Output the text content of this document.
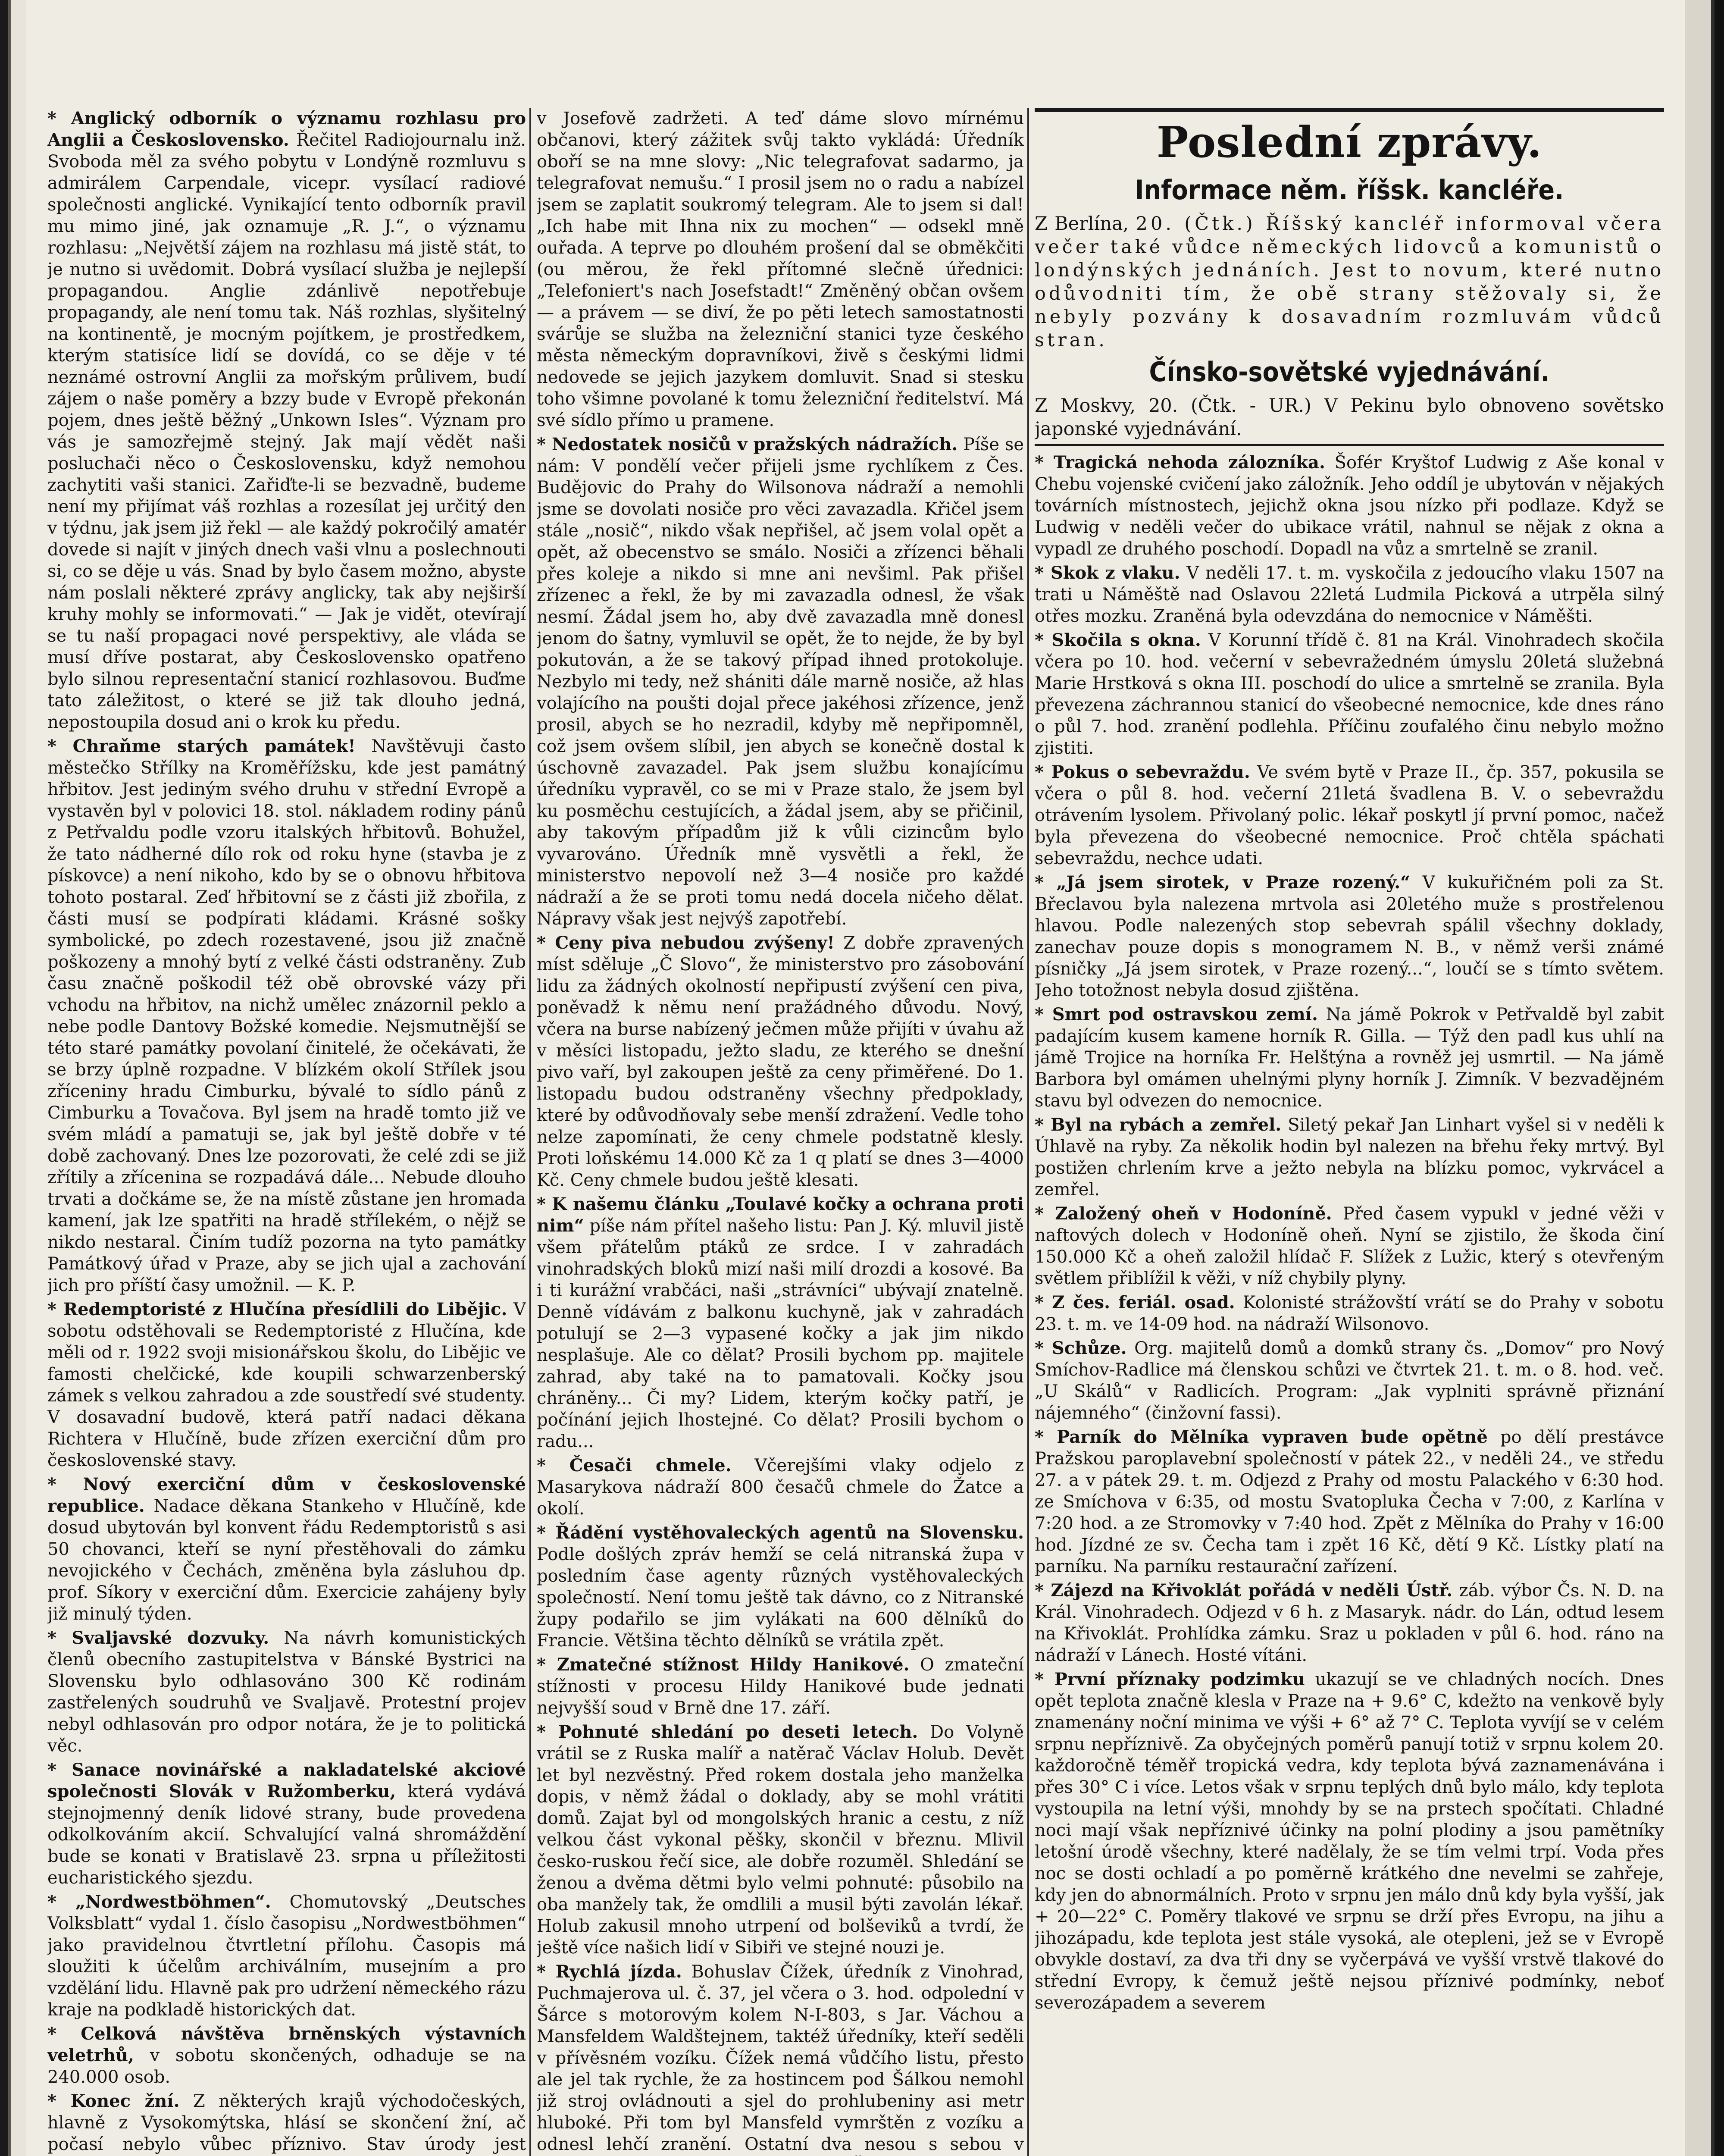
* Anglický odborník o významu rozhlasu pro Anglii a Československo. Řečitel Radiojournalu inž. Svoboda měl za svého pobytu v Londýně rozmluvu s admirálem Carpendale, vicepr. vysílací radiové společnosti anglické. Vynikající tento odborník pravil mu mimo jiné, jak oznamuje „R. J.“, o významu rozhlasu: „Největší zájem na rozhlasu má jistě stát, to je nutno si uvědomit. Dobrá vysílací služba je nejlepší propagandou. Anglie zdánlivě nepotřebuje propagandy, ale není tomu tak. Náš rozhlas, slyšitelný na kontinentě, je mocným pojítkem, je prostředkem, kterým statisíce lidí se dovídá, co se děje v té neznámé ostrovní Anglii za mořským průlivem, budí zájem o naše poměry a bzzy bude v Evropě překonán pojem, dnes ještě běžný „Unkown Isles“. Význam pro vás je samozřejmě stejný. Jak mají vědět naši posluchači něco o Československu, když nemohou zachytiti vaši stanici. Zařiďte-li se bezvadně, budeme není my přijímat váš rozhlas a rozesílat jej určitý den v týdnu, jak jsem již řekl — ale každý pokročilý amatér dovede si najít v jiných dnech vaši vlnu a poslechnouti si, co se děje u vás. Snad by bylo časem možno, abyste nám poslali některé zprávy anglicky, tak aby nejširší kruhy mohly se informovati.“ — Jak je vidět, otevírají se tu naší propagaci nové perspektivy, ale vláda se musí dříve postarat, aby Československo opatřeno bylo silnou representační stanicí rozhlasovou. Buďme tato záležitost, o které se již tak dlouho jedná, nepostoupila dosud ani o krok ku předu.

* Chraňme starých památek! Navštěvuji často městečko Střílky na Kroměřížsku, kde jest památný hřbitov. Jest jediným svého druhu v střední Evropě a vystavěn byl v polovici 18. stol. nákladem rodiny pánů z Petřvaldu podle vzoru italských hřbitovů. Bohužel, že tato nádherné dílo rok od roku hyne (stavba je z pískovce) a není nikoho, kdo by se o obnovu hřbitova tohoto postaral. Zeď hřbitovní se z části již zbořila, z části musí se podpírati kládami. Krásné sošky symbolické, po zdech rozestavené, jsou již značně poškozeny a mnohý bytí z velké části odstraněny. Zub času značně poškodil též obě obrovské vázy při vchodu na hřbitov, na nichž umělec znázornil peklo a nebe podle Dantovy Božské komedie. Nejsmutnější se této staré památky povolaní činitelé, že očekávati, že se brzy úplně rozpadne. V blízkém okolí Střílek jsou zříceniny hradu Cimburku, bývalé to sídlo pánů z Cimburku a Tovačova. Byl jsem na hradě tomto již ve svém mládí a pamatuji se, jak byl ještě dobře v té době zachovaný. Dnes lze pozorovati, že celé zdi se již zřítily a zřícenina se rozpadává dále... Nebude dlouho trvati a dočkáme se, že na místě zůstane jen hromada kamení, jak lze spatřiti na hradě střílekém, o nějž se nikdo nestaral. Činím tudíž pozorna na tyto památky Památkový úřad v Praze, aby se jich ujal a zachování jich pro příští časy umožnil. — K. P.

* Redemptoristé z Hlučína přesídlili do Libějic. V sobotu odstěhovali se Redemptoristé z Hlučína, kde měli od r. 1922 svoji misionářskou školu, do Libějic ve famosti chelčické, kde koupili schwarzenberský zámek s velkou zahradou a zde soustředí své studenty. V dosavadní budově, která patří nadaci děkana Richtera v Hlučíně, bude zřízen exerciční dům pro československé stavy.

* Nový exerciční dům v československé republice. Nadace děkana Stankeho v Hlučíně, kde dosud ubytován byl konvent řádu Redemptoristů s asi 50 chovanci, kteří se nyní přestěhovali do zámku nevojického v Čechách, změněna byla zásluhou dp. prof. Síkory v exerciční dům. Exercicie zahájeny byly již minulý týden.

* Svaljavské dozvuky. Na návrh komunistických členů obecního zastupitelstva v Bánské Bystrici na Slovensku bylo odhlasováno 300 Kč rodinám zastřelených soudruhů ve Svaljavě. Protestní projev nebyl odhlasován pro odpor notára, že je to politická věc.

* Sanace novinářské a nakladatelské akciové společnosti Slovák v Ružomberku, která vydává stejnojmenný deník lidové strany, bude provedena odkolkováním akcií. Schvalující valná shromáždění bude se konati v Bratislavě 23. srpna u příležitosti eucharistického sjezdu.

* „Nordwestböhmen“. Chomutovský „Deutsches Volksblatt“ vydal 1. číslo časopisu „Nordwestböhmen“ jako pravidelnou čtvrtletní přílohu. Časopis má sloužiti k účelům archiválním, musejním a pro vzdělání lidu. Hlavně pak pro udržení německého rázu kraje na podkladě historických dat.

* Celková návštěva brněnských výstavních veletrhů, v sobotu skončených, odhaduje se na 240.000 osob.

* Konec žní. Z některých krajů východočeských, hlavně z Vysokomýtska, hlásí se skončení žní, ač počasí nebylo vůbec příznivo. Stav úrody jest

v Josefově zadržeti. A teď dáme slovo mírnému občanovi, který zážitek svůj takto vykládá: Úředník oboří se na mne slovy: „Nic telegrafovat sadarmo, ja telegrafovat nemušu.“ I prosil jsem no o radu a nabízel jsem se zaplatit soukromý telegram. Ale to jsem si dal! „Ich habe mit Ihna nix zu mochen“ — odsekl mně ouřada. A teprve po dlouhém prošení dal se obměkčiti (ou měrou, že řekl přítomné slečně úřednici: „Telefoniert's nach Josefstadt!“ Změněný občan ovšem — a právem — se diví, že po pěti letech samostatnosti svárůje se služba na železniční stanici tyze českého města německým dopravníkovi, živě s českými lidmi nedovede se jejich jazykem domluvit. Snad si stesku toho všimne povolané k tomu železniční ředitelství. Má své sídlo přímo u pramene.

* Nedostatek nosičů v pražských nádražích. Píše se nám: V pondělí večer přijeli jsme rychlíkem z Čes. Budějovic do Prahy do Wilsonova nádraží a nemohli jsme se dovolati nosiče pro věci zavazadla. Křičel jsem stále „nosič“, nikdo však nepřišel, ač jsem volal opět a opět, až obecenstvo se smálo. Nosiči a zřízenci běhali přes koleje a nikdo si mne ani nevšiml. Pak přišel zřízenec a řekl, že by mi zavazadla odnesl, že však nesmí. Žádal jsem ho, aby dvě zavazadla mně donesl jenom do šatny, vymluvil se opět, že to nejde, že by byl pokutován, a že se takový případ ihned protokoluje. Nezbylo mi tedy, než shániti dále marně nosiče, až hlas volajícího na poušti dojal přece jakéhosi zřízence, jenž prosil, abych se ho nezradil, kdyby mě nepřipomněl, což jsem ovšem slíbil, jen abych se konečně dostal k úschovně zavazadel. Pak jsem službu konajícímu úředníku vypravěl, co se mi v Praze stalo, že jsem byl ku posměchu cestujících, a žádal jsem, aby se přičinil, aby takovým případům již k vůli cizincům bylo vyvarováno. Úředník mně vysvětli a řekl, že ministerstvo nepovolí než 3—4 nosiče pro každé nádraží a že se proti tomu nedá docela ničeho dělat. Nápravy však jest nejvýš zapotřebí.

* Ceny piva nebudou zvýšeny! Z dobře zpravených míst sděluje „Č Slovo“, že ministerstvo pro zásobování lidu za žádných okolností nepřipustí zvýšení cen piva, poněvadž k němu není pražádného důvodu. Nový, včera na burse nabízený ječmen může přijíti v úvahu až v měsíci listopadu, ježto sladu, ze kterého se dnešní pivo vaří, byl zakoupen ještě za ceny přiměřené. Do 1. listopadu budou odstraněny všechny předpoklady, které by odůvodňovaly sebe menší zdražení. Vedle toho nelze zapomínati, že ceny chmele podstatně klesly. Proti loňskému 14.000 Kč za 1 q platí se dnes 3—4000 Kč. Ceny chmele budou ještě klesati.

* K našemu článku „Toulavé kočky a ochrana proti nim“ píše nám přítel našeho listu: Pan J. Ký. mluvil jistě všem přátelům ptáků ze srdce. I v zahradách vinohradských bloků mizí naši milí drozdi a kosové. Ba i ti kurážní vrabčáci, naši „strávníci“ ubývají znatelně. Denně vídávám z balkonu kuchyně, jak v zahradách potulují se 2—3 vypasené kočky a jak jim nikdo nesplašuje. Ale co dělat? Prosili bychom pp. majitele zahrad, aby také na to pamatovali. Kočky jsou chráněny... Či my? Lidem, kterým kočky patří, je počínání jejich lhostejné. Co dělat? Prosili bychom o radu...

* Česači chmele. Včerejšími vlaky odjelo z Masarykova nádraží 800 česačů chmele do Žatce a okolí.

* Řádění vystěhovaleckých agentů na Slovensku. Podle došlých zpráv hemží se celá nitranská župa v posledním čase agenty různých vystěhovaleckých společností. Není tomu ještě tak dávno, co z Nitranské župy podařilo se jim vylákati na 600 dělníků do Francie. Většina těchto dělníků se vrátila zpět.

* Zmatečné stížnost Hildy Hanikové. O zmateční stížnosti v procesu Hildy Hanikové bude jednati nejvyšší soud v Brně dne 17. září.

* Pohnuté shledání po deseti letech. Do Volyně vrátil se z Ruska malíř a natěrač Václav Holub. Devět let byl nezvěstný. Před rokem dostala jeho manželka dopis, v němž žádal o doklady, aby se mohl vrátiti domů. Zajat byl od mongolských hranic a cestu, z níž velkou část vykonal pěšky, skončil v březnu. Mlivil česko-ruskou řečí sice, ale dobře rozuměl. Shledání se ženou a dvěma dětmi bylo velmi pohnuté: působilo na oba manžely tak, že omdlili a musil býti zavolán lékař. Holub zakusil mnoho utrpení od bolševiků a tvrdí, že ještě více našich lidí v Sibiři ve stejné nouzi je.

* Rychlá jízda. Bohuslav Čížek, úředník z Vinohrad, Puchmajerova ul. č. 37, jel včera o 3. hod. odpolední v Šárce s motorovým kolem N-I-803, s Jar. Váchou a Mansfeldem Waldštejnem, taktéž úředníky, kteří seděli v přívěsném vozíku. Čížek nemá vůdčího listu, přesto ale jel tak rychle, že za hostincem pod Šálkou nemohl již stroj ovládnouti a sjel do prohlubeniny asi metr hluboké. Při tom byl Mansfeld vymrštěn z vozíku a odnesl lehčí zranění. Ostatní dva nesou s sebou v

Poslední zprávy.
Informace něm. říšsk. kancléře.

Z Berlína, 20. (Čtk.) Říšský kancléř informoval včera večer také vůdce německých lidovců a komunistů o londýnských jednáních. Jest to novum, které nutno odůvodniti tím, že obě strany stěžovaly si, že nebyly pozvány k dosavadním rozmluvám vůdců stran.

Čínsko-sovětské vyjednávání.

Z Moskvy, 20. (Čtk. - UR.) V Pekinu bylo obnoveno sovětsko japonské vyjednávání.

* Tragická nehoda zálozníka. Šofér Kryštof Ludwig z Aše konal v Chebu vojenské cvičení jako záložník. Jeho oddíl je ubytován v nějakých továrních místnostech, jejichž okna jsou nízko při podlaze. Když se Ludwig v neděli večer do ubikace vrátil, nahnul se nějak z okna a vypadl ze druhého poschodí. Dopadl na vůz a smrtelně se zranil.

* Skok z vlaku. V neděli 17. t. m. vyskočila z jedoucího vlaku 1507 na trati u Náměště nad Oslavou 22letá Ludmila Picková a utrpěla silný otřes mozku. Zraněná byla odevzdána do nemocnice v Náměšti.

* Skočila s okna. V Korunní třídě č. 81 na Král. Vinohradech skočila včera po 10. hod. večerní v sebevražedném úmyslu 20letá služebná Marie Hrstková s okna III. poschodí do ulice a smrtelně se zranila. Byla převezena záchrannou stanicí do všeobecné nemocnice, kde dnes ráno o půl 7. hod. zranění podlehla. Příčinu zoufalého činu nebylo možno zjistiti.

* Pokus o sebevraždu. Ve svém bytě v Praze II., čp. 357, pokusila se včera o půl 8. hod. večerní 21letá švadlena B. V. o sebevraždu otrávením lysolem. Přivolaný polic. lékař poskytl jí první pomoc, načež byla převezena do všeobecné nemocnice. Proč chtěla spáchati sebevraždu, nechce udati.

* „Já jsem sirotek, v Praze rozený.“ V kukuřičném poli za St. Břeclavou byla nalezena mrtvola asi 20letého muže s prostřelenou hlavou. Podle nalezených stop sebevrah spálil všechny doklady, zanechav pouze dopis s monogramem N. B., v němž verši známé písničky „Já jsem sirotek, v Praze rozený...“, loučí se s tímto světem. Jeho totožnost nebyla dosud zjištěna.

* Smrt pod ostravskou zemí. Na jámě Pokrok v Petřvaldě byl zabit padajícím kusem kamene horník R. Gilla. — Týž den padl kus uhlí na jámě Trojice na horníka Fr. Helštýna a rovněž jej usmrtil. — Na jámě Barbora byl omámen uhelnými plyny horník J. Zimník. V bezvadějném stavu byl odvezen do nemocnice.

* Byl na rybách a zemřel. Siletý pekař Jan Linhart vyšel si v neděli k Úhlavě na ryby. Za několik hodin byl nalezen na břehu řeky mrtvý. Byl postižen chrlením krve a ježto nebyla na blízku pomoc, vykrvácel a zemřel.

* Založený oheň v Hodoníně. Před časem vypukl v jedné věži v naftových dolech v Hodoníně oheň. Nyní se zjistilo, že škoda činí 150.000 Kč a oheň založil hlídač F. Slížek z Lužic, který s otevřeným světlem přiblížil k věži, v níž chybily plyny.

* Z čes. feriál. osad. Kolonisté strážovští vrátí se do Prahy v sobotu 23. t. m. ve 14-09 hod. na nádraží Wilsonovo.

* Schůze. Org. majitelů domů a domků strany čs. „Domov“ pro Nový Smíchov-Radlice má členskou schůzi ve čtvrtek 21. t. m. o 8. hod. več. „U Skálů“ v Radlicích. Program: „Jak vyplniti správně přiznání nájemného“ (činžovní fassi).

* Parník do Mělníka vypraven bude opětně po dělí prestávce Pražskou paroplavební společností v pátek 22., v neděli 24., ve středu 27. a v pátek 29. t. m. Odjezd z Prahy od mostu Palackého v 6:30 hod. ze Smíchova v 6:35, od mostu Svatopluka Čecha v 7:00, z Karlína v 7:20 hod. a ze Stromovky v 7:40 hod. Zpět z Mělníka do Prahy v 16:00 hod. Jízdné ze sv. Čecha tam i zpět 16 Kč, dětí 9 Kč. Lístky platí na parníku. Na parníku restaurační zařízení.

* Zájezd na Křivoklát pořádá v neděli Ústř. záb. výbor Čs. N. D. na Král. Vinohradech. Odjezd v 6 h. z Masaryk. nádr. do Lán, odtud lesem na Křivoklát. Prohlídka zámku. Sraz u pokladen v půl 6. hod. ráno na nádraží v Lánech. Hosté vítáni.

* První příznaky podzimku ukazují se ve chladných nocích. Dnes opět teplota značně klesla v Praze na + 9.6° C, kdežto na venkově byly znamenány noční minima ve výši + 6° až 7° C. Teplota vyvíjí se v celém srpnu nepříznivě. Za obyčejných poměrů panují totiž v srpnu kolem 20. každoročně téměř tropická vedra, kdy teplota bývá zaznamenávána i přes 30° C i více. Letos však v srpnu teplých dnů bylo málo, kdy teplota vystoupila na letní výši, mnohdy by se na prstech spočítati. Chladné noci mají však nepříznivé účinky na polní plodiny a jsou pamětníky letošní úrodě všechny, které nadělaly, že se tím velmi trpí. Voda přes noc se dosti ochladí a po poměrně krátkého dne nevelmi se zahřeje, kdy jen do abnormálních. Proto v srpnu jen málo dnů kdy byla vyšší, jak + 20—22° C. Poměry tlakové ve srpnu se drží přes Evropu, na jihu a jihozápadu, kde teplota jest stále vysoká, ale otepleni, jež se v Evropě obvykle dostaví, za dva tři dny se vyčerpává ve vyšší vrstvě tlakové do střední Evropy, k čemuž ještě nejsou příznivé podmínky, neboť severozápadem a severem
